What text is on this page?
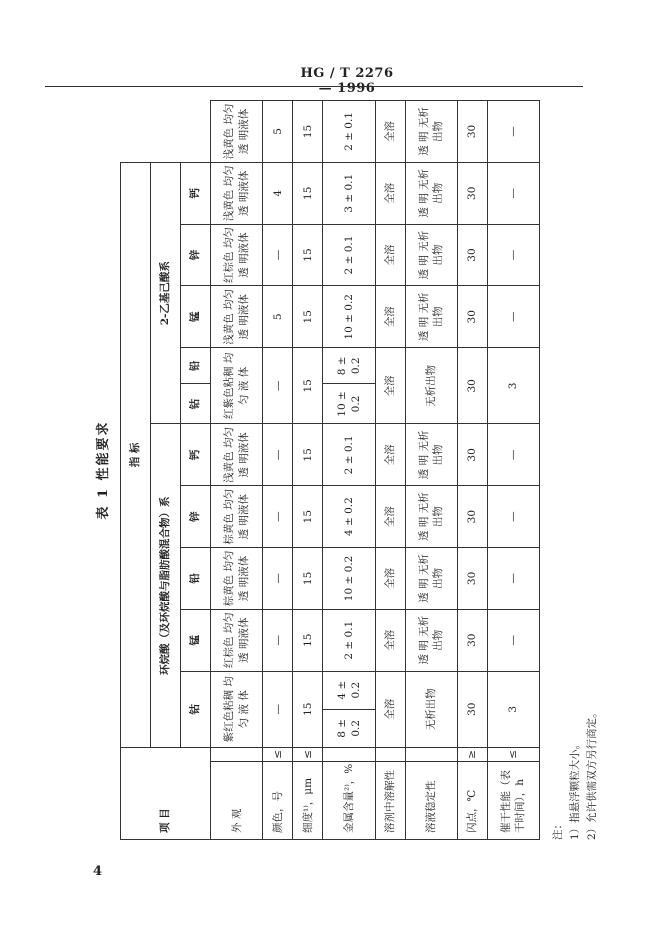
HG / T 2276 — 1996
4
表 1 性能要求
项 目		指 标											
		环烷酸（及环烷酸与脂肪酸混合物）系						2-乙基己酸系					
		钴		锰	铅	锌	钙	钴	铅	锰	锌	钙	
外 观		紫红色粘稠 均 匀 液 体		红棕色 均匀透 明液体	棕黄色 均匀透 明液体	棕黄色 均匀透 明液体	浅黄色 均匀透 明液体	红紫色粘稠 均 匀 液 体		浅黄色 均匀透 明液体	红棕色 均匀透 明液体	浅黄色 均匀透 明液体	浅黄色 均匀透 明液体
颜色，号	≤	—		—	—	—	—	—		5	—	4	5
细度¹⁾，μm	≤	15		15	15	15	15	15		15	15	15	15
金属含量²⁾，%		8 ± 0.2	4 ± 0.2	2 ± 0.1	10 ± 0.2	4 ± 0.2	2 ± 0.1	10 ± 0.2	8 ± 0.2	10 ± 0.2	2 ± 0.1	3 ± 0.1	2 ± 0.1
溶剂中溶解性		全溶		全溶	全溶	全溶	全溶	全溶		全溶	全溶	全溶	全溶
溶液稳定性		无析出物		透 明 无析出物	透 明 无析出物	透 明 无析出物	透 明 无析出物	无析出物		透 明 无析出物	透 明 无析出物	透 明 无析出物	透 明 无析出物
闪点，℃	≥	30		30	30	30	30	30		30	30	30	30
催干性能（表干时间），h	≤	3		—	—	—	—	3		—	—	—	—
注： 1）指悬浮颗粒大小。 2）允许供需双方另行商定。
